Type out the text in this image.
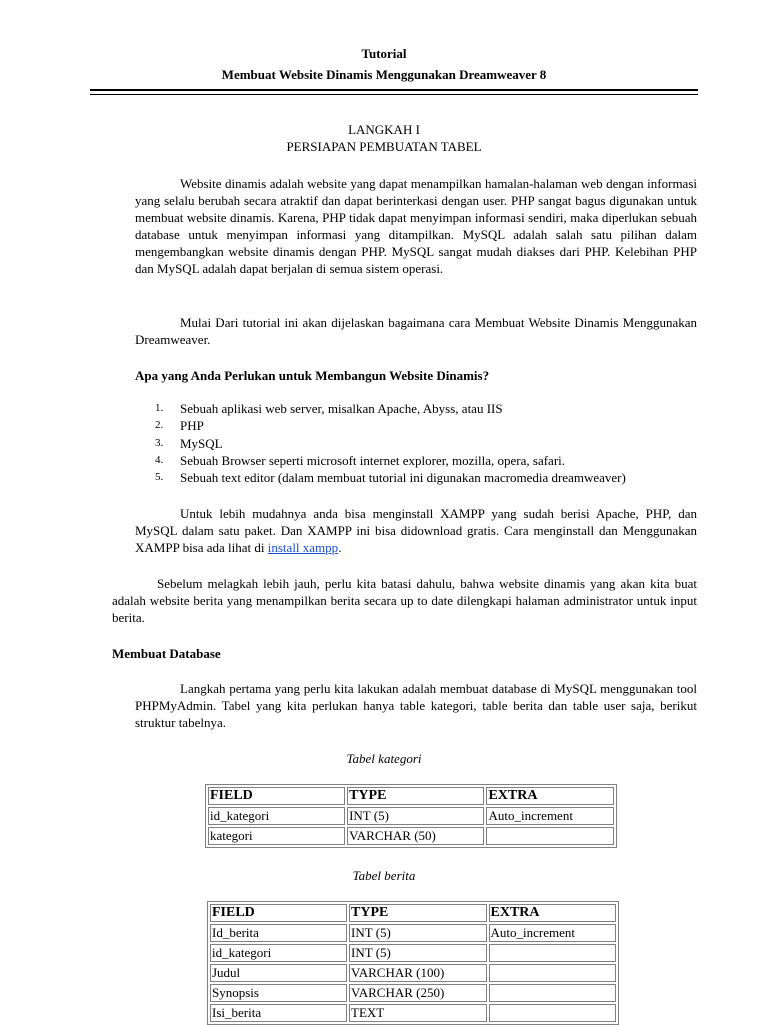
Tutorial
Membuat Website Dinamis Menggunakan Dreamweaver 8
LANGKAH I
PERSIAPAN PEMBUATAN TABEL
Website dinamis adalah website yang dapat menampilkan hamalan-halaman web dengan informasi yang selalu berubah secara atraktif dan dapat berinterkasi dengan user. PHP sangat bagus digunakan untuk membuat website dinamis. Karena, PHP tidak dapat menyimpan informasi sendiri, maka diperlukan sebuah database untuk menyimpan informasi yang ditampilkan. MySQL adalah salah satu pilihan dalam mengembangkan website dinamis dengan PHP. MySQL sangat mudah diakses dari PHP. Kelebihan PHP dan MySQL adalah dapat berjalan di semua sistem operasi.
Mulai Dari tutorial ini akan dijelaskan bagaimana cara Membuat Website Dinamis Menggunakan Dreamweaver.
Apa yang Anda Perlukan untuk Membangun Website Dinamis?
1. Sebuah aplikasi web server, misalkan Apache, Abyss, atau IIS
2. PHP
3. MySQL
4. Sebuah Browser seperti microsoft internet explorer, mozilla, opera, safari.
5. Sebuah text editor (dalam membuat tutorial ini digunakan macromedia dreamweaver)
Untuk lebih mudahnya anda bisa menginstall XAMPP yang sudah berisi Apache, PHP, dan MySQL dalam satu paket. Dan XAMPP ini bisa didownload gratis. Cara menginstall dan Menggunakan XAMPP bisa ada lihat di install xampp.
Sebelum melagkah lebih jauh, perlu kita batasi dahulu, bahwa website dinamis yang akan kita buat adalah website berita yang menampilkan berita secara up to date dilengkapi halaman administrator untuk input berita.
Membuat Database
Langkah pertama yang perlu kita lakukan adalah membuat database di MySQL menggunakan tool PHPMyAdmin. Tabel yang kita perlukan hanya table kategori, table berita dan table user saja, berikut struktur tabelnya.
Tabel kategori
FIELD	TYPE	EXTRA
id_kategori	INT (5)	Auto_increment
kategori	VARCHAR (50)	
Tabel berita
FIELD	TYPE	EXTRA
Id_berita	INT (5)	Auto_increment
id_kategori	INT (5)	
Judul	VARCHAR (100)	
Synopsis	VARCHAR (250)	
Isi_berita	TEXT	
